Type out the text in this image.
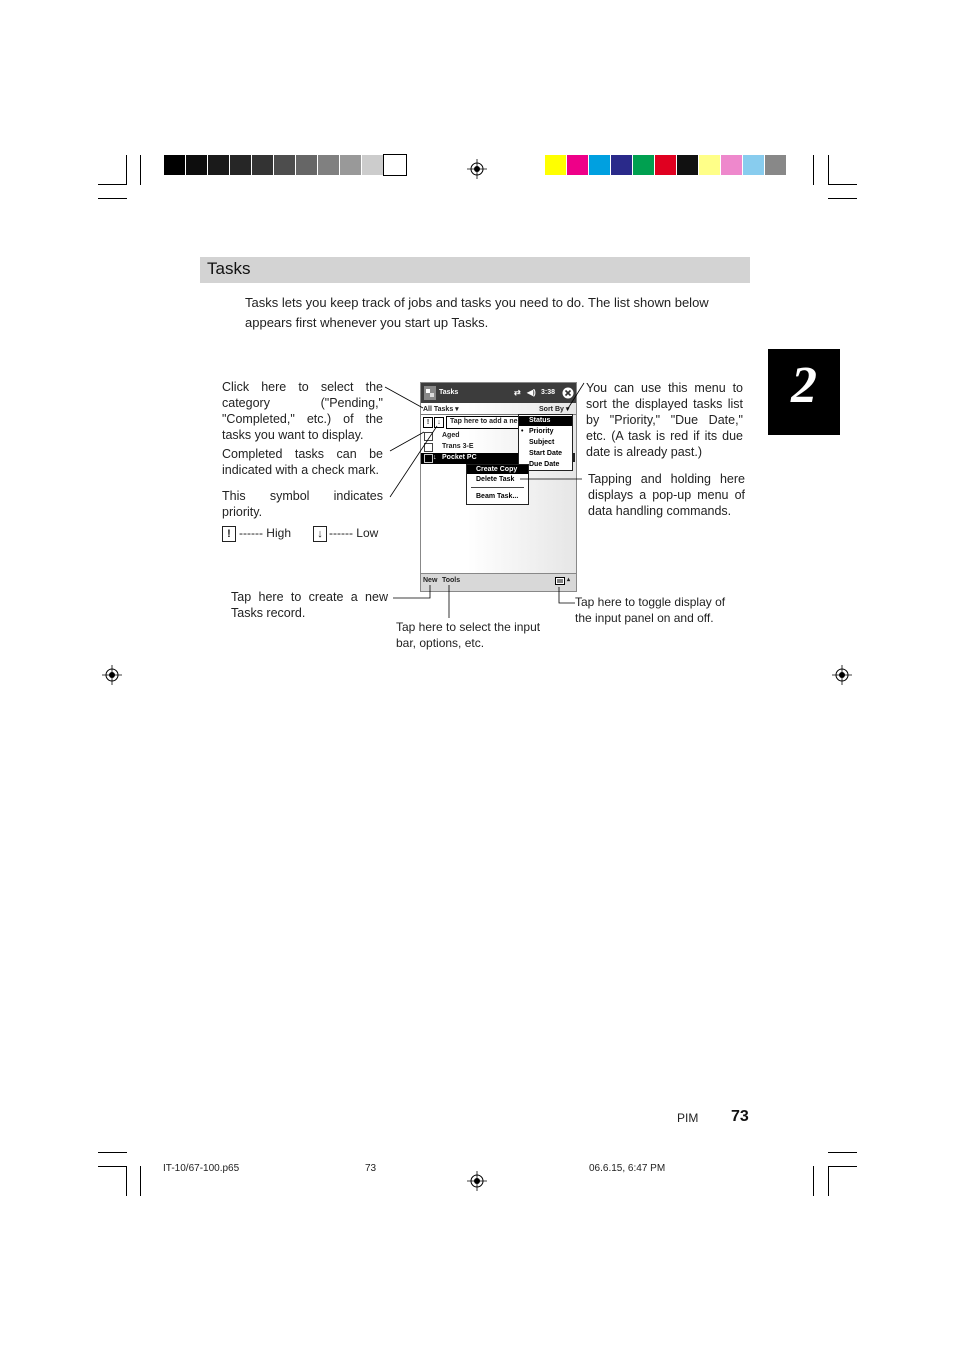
Tasks
Tasks lets you keep track of jobs and tasks you need to do. The list shown below appears first whenever you start up Tasks.
2
Click here to select the category ("Pending," "Completed," etc.) of the tasks you want to display.
Completed tasks can be indicated with a check mark.
This symbol indicates priority.
! ------ High	↓ ------ Low
You can use this menu to sort the displayed tasks list by "Priority," "Due Date," etc. (A task is red if its due date is already past.)
Tapping and holding here displays a pop-up menu of data handling commands.
Tap here to create a new Tasks record.
Tap here to select the input bar, options, etc.
Tap here to toggle display of the input panel on and off.
Tasks	⇄ ◀) 3:38
All Tasks ▾	Sort By ▾
!	↓	Tap here to add a ne
Aged
Trans 3-E
↓ Pocket PC
Status
• Priority
Subject
Start Date
Due Date
Create Copy
Delete Task
Beam Task...
New Tools	▴
PIM 73
IT-10/67-100.p65	73	06.6.15, 6:47 PM
